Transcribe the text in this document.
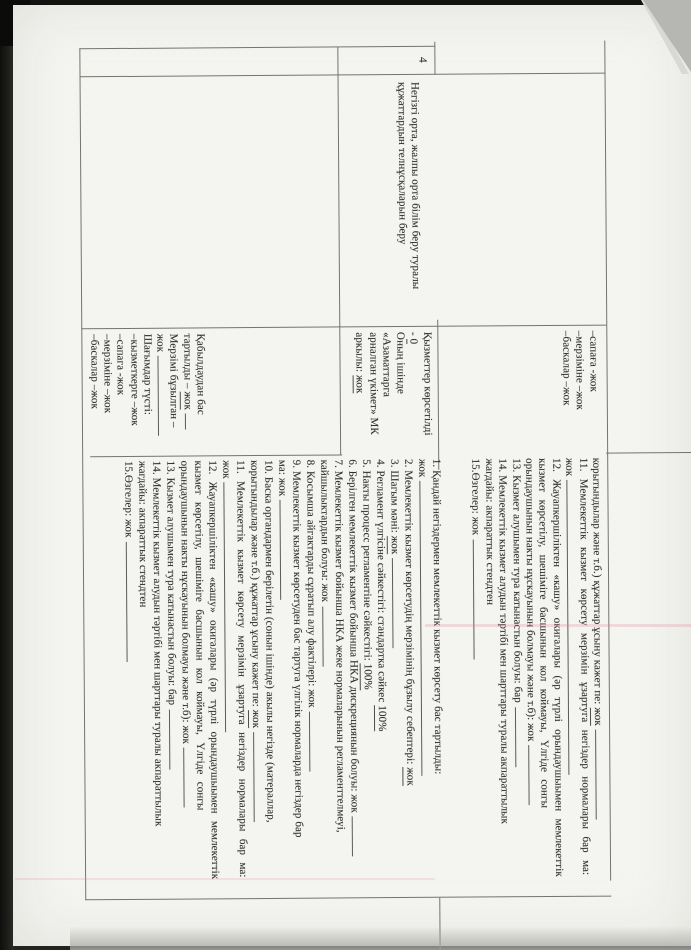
4
Негізгі орта, жалпы орта білім беру туралы
құжаттардын телнұсқаларын беру
–сапаға -жок
–мерзіміне –жок
–баскалар –жок
корытындылар және т.б.) құжаттар ұсыну кажет пе: жок
11. Мемлекеттік кызмет көрсету мерзімін ұзартуга негіздер нормалары бар ма:
жок
12. Жауапкершіліктен «кашу» окигалары (әр түрлі орындаушыымен мемлекеттік
кызмет көрсетілу, шешіміге басшынын кол коймауы, Үлгіде сонгы
орындаушынын накты нұскауынын болмауы және т.б): жок
13. Кызмет алушымен тура катынастын болуы: бар
14. Мемлекеттік кызмет алудын тәртібі мен шарттары туралы акпараттылык
жагдайы: акпараттык стендтен
15.Өзгелер: жок
Қызметтер көрсетілді
- 0
Оның ішінде
«Азаматтарга
арналган үкімет» МК
аркылы: жок
Қабылдаудан бас
тартылды – жок
Мерзімі бұзылган –
жок
Шағымдар түсті:
–кызметкерге –жок
–сапага -жок
–мерзіміне –жок
–баскалар –жок
1. Қандай негіздермен мемлекеттік кызмет көрсету бас тартылды:
жок
2. Мемлекеттік кызмет көрсетудің мерзімінің бұзылу себептері: жок
3. Шагым мәні: жок
4. Регламент үлгісіне сәйкестігі: стандартка сәйкес 100%
5. Накты процесс регламентіне сәйкестігі: 100%
6. Берілген мемлекеттік кызмет бойынша НКА дискрециянын болуы: жок
7. Мемлекеттік кызмет бойынша НКА жеке нормаларынын регламенттелмеуі,
кайшылыктардын болуы: жок
8. Косымша айгактарды сұратып алу фактілері: жок
9. Мемлекеттік кызмет көрсетуден бас тартуга үлгілік нормаларда негіздер бар
ма: жок
10. Баска органдармен берілетін (сонын ішінде) акылы негізде (матераллар,
корытындылар және т.б.) құжаттар ұсыну кажет пе: жок
11. Мемлекеттік кызмет көрсету мерзімін ұзартуга негіздер нормалары бар ма:
жок
12. Жауапкершіліктен «кашу» окигалары (әр түрлі орындаушыымен мемлекеттік
кызмет көрсетілу, шешіміге басшынын кол коймауы, Үлгіде сонгы
орындаушынын накты нұскауынын болмауы және т.б): жок
13. Кызмет алушымен тура катынастын болуы: бар
14. Мемлекеттік кызмет алудын тәртібі мен шарттары туралы акпараттылык
жагдайы: акпараттык стендтен
15.Өзгелер: жок
